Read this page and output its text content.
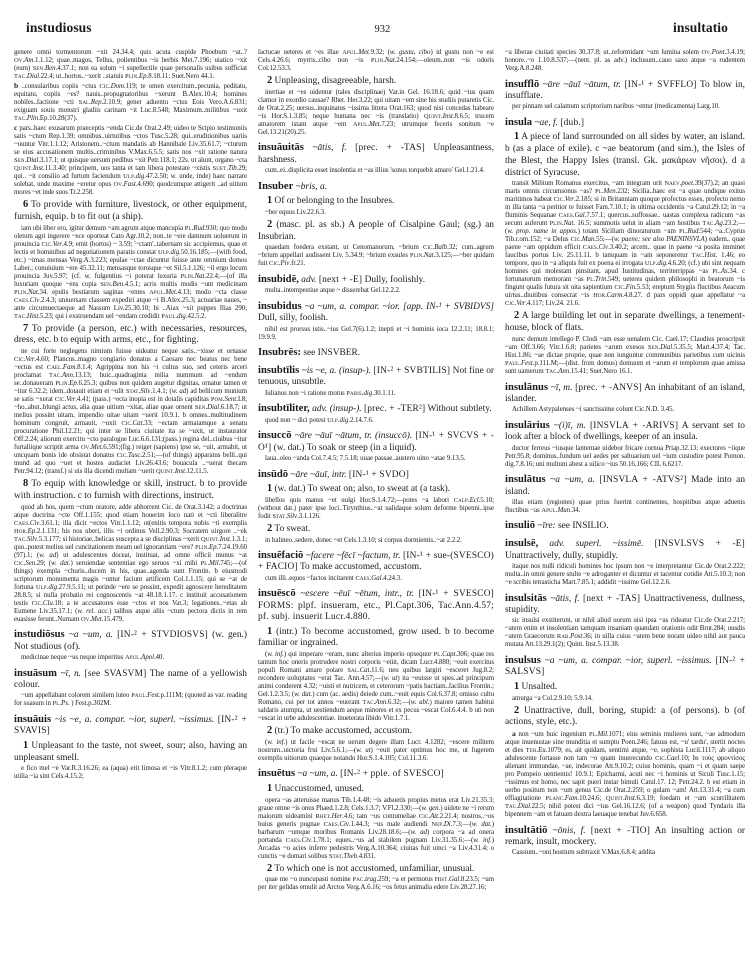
instudiosus	932	insultatio
genere omni tormentorum ~xit 24.34.4; quis acuta cuspide Phoebum ~at..? Ov.Am.1.1.12; quae..magos, Tellus, polientibus ~is herbis Met.7.196; uiatico ~xit (eum) Sen.Ben.4.37.1; non ea solum ~i supellectile quae personalis usibus sufficiat Tac.Dial.22.4; ut..hortos..~xerit ..statuis Plin.Ep.8.18.11; Suet.Nero 44.1.
b ..consularibus copiis ~ctus Cic.Dom.119; te omen exercitum..pecunia, peditatu, equitatu, copiis ~es? nauis..propugnatoribus ~xerunt B.Alex.10.4; homines nobiles..factione ~cti Sal.Rep.2.10.9; gener aduentu ~ctus Eois Vero.A.6.831; exiguam souis monstri gladiis carinam ~it Luc.8.548; Maximum..militibus ~uxit Tac.Plin.Ep.10.28(37).
c pars..haec exusarum praeceptis ~enda Cic.de Orat.2.49; uideo te Scipio testimoniis satis ~ctum Rep.1.39; omnibus..uirtutibus ~ctos Tusc.5.28; qui..eruditionibus uariis ~uuntur Vitr.1.1.12; Aristonem..~ctum mandatis ab Hannibale Liv.35.61.7; ~cturum se eius accusationem multis..criminibus V.Max.6.5.5; satis nos ~xit ratione natura Sen.Dial.3.17.1; ut quisque uersum pedibus ~xit Petr.118.1; 22s. ut alunt, organo ~cta Quint.Inst.11.3.40; principem, uos tanta et tam libera potestate ~xistis Suet.Tib.29; qui.. ~it consilio ad furtum faciendum Ulp.dig.47.2.50; w. unde, inde) haec narrare solebat, unde maxime ~eretur opus Ov.Fast.4.690; quodcumque attigerit ..ad uitium mores ~et inde suos Tr.2.258.
6 To provide with furniture, livestock, or other equipment, furnish, equip. b to fit out (a ship).
iam ubi liber ero, igitur demum ~am agrum atque mancupia Pl.Rud.930; quo modo oletum agri ingerere ~ece oporteat Cato Agr.10.2; non..te ~ere damnum uoluerunt in prouincia Cic.Ver.4.9; emit (hortos) ~ 3.59; '~ctam'..tabernam sic accipiemus, quae et lectis et hominibus ad negotiationem paratis constat Ulp.dig.50.16.185;—(with food, etc.) ~imas mensas Verg.A.3.223; epulae ~ctae dicuntur fuisse ante omnium domos Laber.; conuiuium ~ere 45.32.11; mensasque torosque ~et Sil.5.1.126; ~il ergo locum prouincia Juv.5.97; (cf. w. fulgentius ~i poterat luxuria Plin.Nat.22.4;—(of illa luxuriam quoque ~ens copia Sen.Ben.4.5.1; acris multis modis ~unt medicinam Plin.Nat.34. epulis bestiarum saginas ~entes Apul.Met.4.13; modo ~cta classe Caes.Civ.2.4.3; uniuersam classem expediri atque ~i B.Alex.25.3; actuariae naues, ~ ante circumuectaeque ad Nassum Liv.25.30.10; bi ..Aiax ~xit puppes Ilias 290; Tac.Hist.5.23; qui i exstruendam uel ~endam credidit Paul.dig.42.5.2.
7 To provide (a person, etc.) with necessaries, resources, dress, etc. b to equip with arms, etc., for fighting.
ne cui forte neglegens nimium fuisse uideatur neque satis..~xisse et ornasse Cic.Ver.4.60; Plancus..magno congiario donatus a Caesare nec beatus nec bene ~ectus est Cael.Fam.8.1.4; Agrippina non his ~i cultus suo, sed ceteris arceri proclamat Tac.Ann.13.13; huic..quadraginta milia nummum ad ~endum se..donaueram Plin.Ep.6.25.3; quibus non quidem augetur dignitas, ornatur tamen et ~itur 6.32.2; idem..dotauit etiam et ~ulit Stat.Silv.1.4.1; (w. ad) ad bellicum munium se satis ~xerat Cic.Ver.4.41; (pass.) ~ecta inopia est in dotalis capiditas Pom.Sent.I.8; ~ho..abut..blungi actus, alia quae uitium ~xitat, aliae quae ornent Sen.Dial.6.18.7; ut melius possint uitam, impendio uitae uitam ~uerit 10.9.1. b omnes..multitudinem hominum congruit, armauit, ~uxit Cic.Cat.33; ~ectam armatamque a senatu procuratione Phil.12.21; qui inter se libera ciuitate ita se ~uxit, ut instaurator Off.2.24; aliorum exercitu ~cto paralogue Luc.6.6.131;(pass.) regina del..ciuibus ~itur furtaliique scriptit arma Ov.Met.6.591;(fig.) reiget (sapiens) ipse se, ~uit, armabit, ut uncquam bonis ide obsistat donatus Cic.Tusc.2.51;—(of things) apparatus belli..qui mund ad quo ~uet et hostes audaciet Liv.26.43.6; bouacula ..~uerat thecam Petr.94.12; (transf.) si uis illa dicendi multam ~uerit Quint.Inst.12.11.5.
8 To equip with knowledge or skill, instruct. b to provide with instruction. c to furnish with directions, instruct.
quod ab hos, quem ~ctum oratore, adde abhorrent Cic. de Orat.3.142; a doctrinas atque doctrina ~cte Off.1.155; quod etiam houerim loco nati et ~cti liberalitre Caes.Civ.3.61.1; illa dicit ~ectos Vitr.1.1.12; ot(enitis tempora nobis ~ti exemplis Hor.Ep.2.1.131; his nos uberi, illis ~i ordinus Vell.2.90.3; Socratem uirgore ..~ek Tac.Silv.5.3.177; si historiae..belicas suscepta a se disciplinas ~xerit Quint.Inst.1.3.1; quo..potest melius uel cuncitationem meam uel ignorantiam ~ere? Plin.Ep.7.24.19.60 (97).1; (w. ad) ut adulescentes doceat, instituat, ad omne officii munus ~at Cic.Sen.29; (w. dat.) seruiendae sententiae ego seruos ~xi mihi Pl.Mil.745;—(of things) exempla ~churis..ducem in his, quae..agenda sunt Frontin. b eiusmodi scriptorum monumenta magis ~untur faciunt artificem Col.1.1.15; qui se ~at de fortuna Ulp.dig.27.9.5.11; ut perinde ~ere se possint, expedit agnoscere hereditatem 28.8.5; si nulla probatio rei cognoscentis ~at 48.18.1.17. c instituit accusationem testis Cic.Clu.18; a te accusatores esse ~ctos et nos Vat.3; legationes..~etas ab Eumene Liv.35.17.1; (w. rel. acc.) talibus atque aliis ~ctum pectora dictis in rem euasisse ferunt..Numam Ov.Met.15.479.
instudiōsus ~a ~um, a. [IN-² + STVDIOSVS] (w. gen.) Not studious (of).
medicinae neque ~us neque imperitus Apul.Apol.40.
insuāsum ~ī, n. [see SVASVM] The name of a yellowish colour.
~um appellabant colorem similem luteo Paul.Fest.p.111M; (quoted as var. reading for suasum in Pl.Ps. ) Fest.p.302M.
insuāuis ~is ~e, a. compar. ~ior, superl. ~issimus. [IN-² + SVAVIS]
1 Unpleasant to the taste, not sweet, sour; also, having an unpleasant smell.
e fico mel ~e Var.R.3.16.26; ea (aqua) erit limosa et ~is Vitr.8.1.2; cum pleraque utilia ~ia sint Cels.4.15.2;
lactucae ueteres et ~es illae Apul.Met.9.32; (w. gustu, cibo) id gustu non ~e est Cels.4.26.6; myrris..cibo non ~is Plin.Nat.24.154;—oleum..non ~is odoris Col.12.53.3.
2 Unpleasing, disagreeable, harsh.
inertiae et ~es uidentur (tales disciplinae) Var.in Gel. 16.18.6; quid ~ius quam clamor in exordio causae? Rhet. Her.3.22; qui uitam ~em sine his studiis putaretis Cic. de Orat.2.25; uersus..inquinatus ~issima littera Orat.163; quod nisi concedas habeare ~is Hor.S.1.3.85; neque humana nec ~is (translatio) Quint.Inst.8.6.5; trucem amatorem istam atque ~em Apul.Met.7.23; utrumque feceris sonitum ~e Gel.13.21(20).25.
insuāuitās ~ātis, f. [prec. + -TAS] Unpleasantness, harshness.
cum..ei..displicita esset insolentia et ~as illius 'sonus torquebit amaro' Gel.1.21.4.
Insuber ~bris, a.
1 Of or belonging to the Insubres.
~ber equus Liv.22.6.3.
2 (masc. pl. as sb.) A people of Cisalpine Gaul; (sg.) an Insubrian.
quaedam foedera exstant, ut Cenomanorum, ~brium Cic.Balb.32; cum..agrum ~brium appellari audissent Liv. 5.34.9; ~brium exsules Plin.Nat.3.125;—~ber quidam fuit Cic.Piv.fr.21.
insubidē, adv. [next + -E] Dully, foolishly.
multa..intempestiue atque ~ disserebat Gel.12.2.2.
insubidus ~a ~um, a. compar. ~ior. [app. IN-¹ + SVBIDVS] Dull, silly, foolish.
nihil est prorsus istis..~ius Gel.7(6).1.2; inepti et ~i hominis ioca 12.2.11; 18.8.1; 19.9.9.
Insubrēs: see INSVBER.
insubtīlis ~is ~e, a. (insup-). [IN-² + SVBTILIS] Not fine or tenuous, unsubtle.
Iulianus non ~i ratione motus Paris.dig.30.1.11.
insubtīliter, adv. (insup-). [prec. + -TER²] Without subtlety.
quod non ~ dici potest Ulp.dig.2.14.7.6.
insuccō ~āre ~āuī ~ātum, tr. (insuccō). [IN-¹ + SVCVS + -O¹] (w. dat.) To soak or steep (in a liquid).
laua..oleo ~anda Col.7.4.5; 7.5.18; uuae passae..austero uino ~atae 9.13.5.
insūdō ~āre ~āuī, intr. [IN-¹ + SVDO]
1 (w. dat.) To sweat on; also, to sweat at (a task).
libellos quis manus ~et uulgi Hor.S.1.4.72;—potes ~a labori Calp.Ecl.5.10; (without dat.) pater ipse loci..Tirynthius..~at ualidaque solum deforme bipenni..ipse fodit Stat.Silv.3.1.126.
2 To sweat.
in balineo..sedere, donec ~et Cels.1.3.10; si corpus dormientis..~at 2.2.2.
insuēfaciō ~facere ~fēcī ~factum, tr. [IN-¹ + sue-(SVESCO) + FACIO] To make accustomed, accustom.
cum illi..equos ~factos incitarent Caes.Gal.4.24.3.
insuēscō ~escere ~ēuī ~ētum, intr., tr. [IN-¹ + SVESCO] FORMS: plpf. insueram, etc., Pl.Capt.306, Tac.Ann.4.57; pf. subj. insuerit Lucr.4.880.
1 (intr.) To become accustomed, grow used. b to become familiar or ingrained.
(w. inf.) qui imperare ~eram, nunc alterius imperio opsequor Pl.Capt.306; quae res tantum hoc oneris protrudere nostri corporis ~eüit, dicam Lucr.4.880; ~euit exercitus populi Romani amare potare Sal.Cat.11.6; neu quibus largiri ~esceret Jug.8.2; recondere uoluptates ~erat Tac. Ann.4.57;—(w. ut) ita ~euisse ut spes..ad principum animi conderent 4.32; ~uisti et nutricem, et ceterorum ~patis bactiam..facilius Frontin.; Gel.1.2.3.5; (w. dat.) cum (ac. aedis) deiede cum..~euit equis Col.6.37.8; omisso cultu Romano, cui per tot annos ~euerant Tac.Ann.6.32;—(w. abl.) maiore tamen habitui saldaris atumpta, ut uestiendum aeque minores et ex pecus ~escat Col.6.4.4. b uti non ~escat in urbe adulescentiae. inueterata libido Vitr.1.7.1.
2 (tr.) To make accustomed, accustom.
(w. inf.) ut facile ~escat ne uerum degere illam Lucr. 4.1282; ~escere militem nostrum..uictoria frui Liv.5.6.1;—(w. ut) ~euit pater optimus hoc me, ut fugerem exemplis uitiorum quaeque notando Hor.S.1.4.105; Col.11.3.6.
insuētus ~a ~um, a. [IN-² + pple. of SVESCO]
1 Unaccustomed, unused.
opera ~as atteruisse manus Tib.1.4.48; ~is adsuetis propius metus erat Liv.21.35.3; graue omne ~is onus Phaed.1.2.8; Cels.1.3.7; V.Fl.2.330;—(w. gen.) uidete ne ~i rerum maiorum uideamini Rhet.Her.4.6; tam ~us contumeliae Cic.Att.2.21.4; nostros..~os huius generis pugnae Caes.Civ.1.44.3; ~us male audiendi Nep.Di.7.3;—(w. dat.) barbarum ~umque moribus Romanis Liv.28.18.6;—(w. ad) corpora ~a ad onera portanda Caes.Civ.1.78.1; eques..~us ad stabilem pugnam Liv.31.35.6;—(w. inf.) Arcadas ~o acies inferre pedestris Verg.A.10.364; ciuitas fuit uinci ~a Liv.4.31.4; o cunctis ~e domari solibus Stat.Theb.4.831.
2 To which one is not accustomed, unfamiliar, unusual.
quae me ~o nuncupasti nomine Pac.trag.259; ~a et permotus Hist.Gal.8.23.5; ~um per iter gelidas emulit ad Arctos Verg.A.6.16; ~os fetus animalia edere Liv.28.27.16;
~a liberae ciuitati species 30.37.8; ut..reformidant ~um lumina solem Ov.Pont.3.4.19; honore..~o 1.10.8.537;—(nent. pl. as adv.) inclusum..cauo saxo atque ~a rudentem Verg.A.8.248.
insufflō ~āre ~āuī ~ātum, tr. [IN-¹ + SVFFLO] To blow in, insufflate.
per pinnam uel calamum scriptorium naribus ~entur (medicamenta) Larg.10.
insula ~ae, f. [dub.]
1 A piece of land surrounded on all sides by water, an island. b (as a place of exile). c ~ae beatorum (and sim.), the Isles of the Blest, the Happy Isles (transl. Gk. μακάρων νῆσοι). d a district of Syracuse.
transit Militum Romanus exercitus, ~am integram urit Naev.poet.39(37).2; an quasi maris omnis circumsonus ~as? Pl.Men.232; Sicilia..haec est ~a quae undique exitus maritimos habeat Cic.Ver.2.185; si in Britanniam quoque profectus esses, profecto nemo in illa tanta ~a peritior te fuisset Fam.7.10.1; in ultima occidentis ~a Catul.29.12; in ~a fluminis Sequanae Caes.Gal.7.57.1; quercus..suffossae.. uastas complexa radicum ~as secum auferunt Plin.Nat. 16.5; summotis uelut in aliam ~am hostibus Tac.Ag.23.2;—(w. prop. name in appos.) totam Siciliam dinoraturum ~am Pl.Rud.544; ~a..Cyprus Tib.r.om.152; ~a Delus Cic.Man.55;—(w. paene; see also PAENINSVLA) eadem.. quae paene ~am oppidum efficit Caes.Civ.3.40.2; arcem.. quae in paene ~a posita imminet faucibus portus Liv. 25.11.11. b tamquam in ~am seponeretur Tac.Hist. 1.46; eo tempore, quo in ~a aliquis fuit ex poena ei irrogata Ulp.dig.4.6.20; (cf.) ubi sint nequam homines qui molestam pinsitant, apud Iustitudinas, territerrippas ~as Pl.As.34. c fortunatorum memorant ~as Pl.Trin.549; ueteres quidem philosophi in beatorum ~is fingunt qualis futura sit uita sapientium Cic.Fin.5.53; ereptum Stygiis fluctibus Aeacum uirtus..diuitibus consecrat ~is Hor.Carm.4.8.27. d pars oppidi quae appellatur ~a Cic.Ver.4.117; Liv.24. 21.6.
2 A large building let out in separate dwellings, a tenement-house, block of flats.
nunc demum intellego P. Clodi ~am esse uenalem Cic. Cael.17; Claudius proscripsit ~am Off.3.66; Vitr.1.6.8; parietes ~arum exesos Sen.Dial.5.35.5; Mart.4.37.4; Tac. Hist.1.86; ~ae dictae proprie, quae non iunguntur communibus parietibus cum uicinis Paul.Fest.p.111.M;—(dist. from domus) domuum et ~arum et templorum quae amissa sunt uamerum Tac.Ann.15.41; Suet.Nero 16.1.
insulānus ~ī, m. [prec. + -ANVS] An inhabitant of an island, islander.
Achillem Astypalenses ~i sanctissime colunt Cic.N.D. 3.45.
insulārius ~(i)ī, m. [INSVLA + -ARIVS] A servant set to look after a block of dwellings, keeper of an insula.
ductor ferreus ~iusque lanternae uidebor fricare cornua Priap.32.13; exectores ~iique Petr.95.8; dominus..fundum uel aedes per saltuarium uel ~ium custodire potest Pomon. dig.7.8.16; uni multum abest a uilico ~ius 50.16.166; CIL 6.6217.
insulātus ~a ~um, a. [INSVLA + -ATVS²] Made into an island.
illas etiam (regiones) quae prius fuerint continentes, hospitibus atque aduenis fluctibus ~as Apul.Mun.34.
insuliō ~īre: see INSILIO.
insulsē, adv. superl. ~issimē. [INSVLSVS + -E] Unattractively, dully, stupidly.
itaque nos nulli ridiculi homines hoc ipsum non ~e interpretantur Cic.de Orat.2.222; multa..in omni genere stulte ~e adroganter et dicuntur et tacentur cotidie Att.5.10.3; non ~e scribis tetrasticha Mart.7.85.1; addidit ~issime Gel.12.2.6.
insulsitās ~ātis, f. [next + -TAS] Unattractiveness, dullness, stupidity.
sic insulsi exstiterunt, ut nihil aliud uorum uisi ipsa ~as rideatur Cic.de Orat.2.217; ~atem enim et insolentiam tamquam insaniam quandam orationis odit Brut.284; uusdis ~atem Graecorum Rab.Post.36; in uilla cuius ~atem bene norant uideo nihil aut pauca mutata Att.13.29.1(2); Quint. Inst.5.13.38.
insulsus ~a ~um, a. compar. ~ior, superl. ~issimus. [IN-² + SALSVS]
1 Unsalted.
amurga ~a Col.2.9.10; 5.9.14.
2 Unattractive, dull, boring, stupid: a (of persons). b (of actions, style, etc.).
a non ~um huic ingenium Pl.Mil.1071; eius seminis mulieres sunt, ~ae admodum atque inuenustae sine munditia et sumptu Poen.246; fatuus est, ~u' tardu', stertit noctes et dies Ter.Eu.1079; es, ait quidam, sentimi atque, ~e, sophista Lucil.1117; ab aliquo adulescente fortasse non tam ~o quam inuerecundo Cic.Cael.10; bs τοὺς φροντίσος alienant immundae, ~ae, indecorae Att.9.10.2; cuius hominis, quam ~i et quam saepe pro Pompeio uentientis! 10.9.1; Epicharmi, acuti nec ~i hominis ut Siculi Tusc.1.15; ~issimus est homo, nec sapit pueri instar bimuli Catul.17. 12; Petr.24.2. b est etiam in uerbo positum non ~um genus Cic.de Orat.2.259; o gulam ~am! Att.13.31.4; ~a cum effiagitatione Planc.Fam.10.24.6; Quint.Inst.6.3.19; foedam et ~am scurrilitatem Tac.Dial.22.5; nihil potest dici ~ius Gel.16.12.6; (of a weapon) quod Tyndaris illa bipennem ~am et fatuam dextra laeuaque tenebat Juv.6.658.
insultātiō ~ōnis, f. [next + -TIO] An insulting action or remark, insult, mockery.
Cassium..~oni hostium subtraxit V.Max.6.8.4; addita
